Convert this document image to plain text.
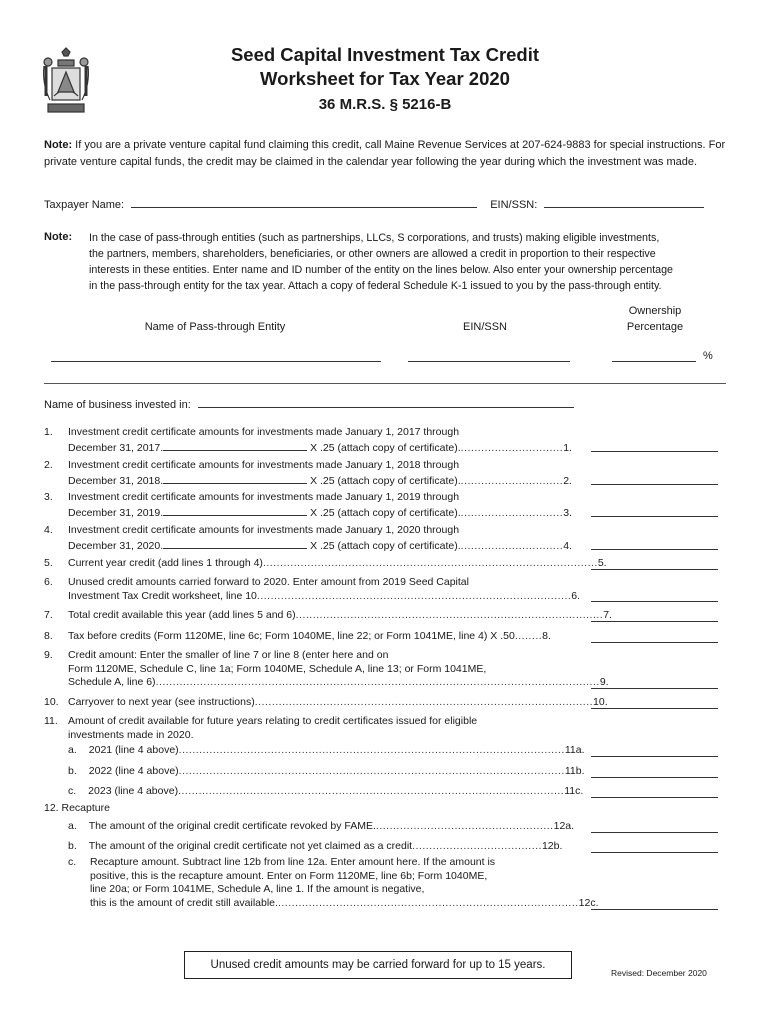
Seed Capital Investment Tax Credit
Worksheet for Tax Year 2020
36 M.R.S. § 5216-B
Note: If you are a private venture capital fund claiming this credit, call Maine Revenue Services at 207-624-9883 for special instructions. For private venture capital funds, the credit may be claimed in the calendar year following the year during which the investment was made.
Taxpayer Name:	EIN/SSN:
Note: In the case of pass-through entities (such as partnerships, LLCs, S corporations, and trusts) making eligible investments,
the partners, members, shareholders, beneficiaries, or other owners are allowed a credit in proportion to their respective
interests in these entities. Enter name and ID number of the entity on the lines below. Also enter your ownership percentage
in the pass-through entity for the tax year. Attach a copy of federal Schedule K-1 issued to you by the pass-through entity.
Name of Pass-through Entity	EIN/SSN
Ownership
Percentage
%
Name of business invested in:
1. Investment credit certificate amounts for investments made January 1, 2017 through
December 31, 2017.	X .25 (attach copy of certificate)...............................1.
2. Investment credit certificate amounts for investments made January 1, 2018 through
December 31, 2018.	X .25 (attach copy of certificate)...............................2.
3. Investment credit certificate amounts for investments made January 1, 2019 through
December 31, 2019.	X .25 (attach copy of certificate)...............................3.
4. Investment credit certificate amounts for investments made January 1, 2020 through
December 31, 2020.	X .25 (attach copy of certificate)...............................4.
5. Current year credit (add lines 1 through 4)..................................................................................................5.
6. Unused credit amounts carried forward to 2020. Enter amount from 2019 Seed Capital
Investment Tax Credit worksheet, line 10............................................................................................6.
7. Total credit available this year (add lines 5 and 6)..........................................................................................7.
8. Tax before credits (Form 1120ME, line 6c; Form 1040ME, line 22; or Form 1041ME, line 4) X .50........8.
9. Credit amount: Enter the smaller of line 7 or line 8 (enter here and on
Form 1120ME, Schedule C, line 1a; Form 1040ME, Schedule A, line 13; or Form 1041ME,
Schedule A, line 6)..................................................................................................................................9.
10. Carryover to next year (see instructions)...................................................................................................10.
11. Amount of credit available for future years relating to credit certificates issued for eligible
investments made in 2020.
a. 2021 (line 4 above).................................................................................................................11a.
b. 2022 (line 4 above).................................................................................................................11b.
c. 2023 (line 4 above).................................................................................................................11c.
12. Recapture
a. The amount of the original credit certificate revoked by FAME.....................................................12a.
b. The amount of the original credit certificate not yet claimed as a credit......................................12b.
c. Recapture amount. Subtract line 12b from line 12a. Enter amount here. If the amount is
positive, this is the recapture amount. Enter on Form 1120ME, line 6b; Form 1040ME,
line 20a; or Form 1041ME, Schedule A, line 1. If the amount is negative,
this is the amount of credit still available.........................................................................................12c.
Unused credit amounts may be carried forward for up to 15 years.
Revised: December 2020
